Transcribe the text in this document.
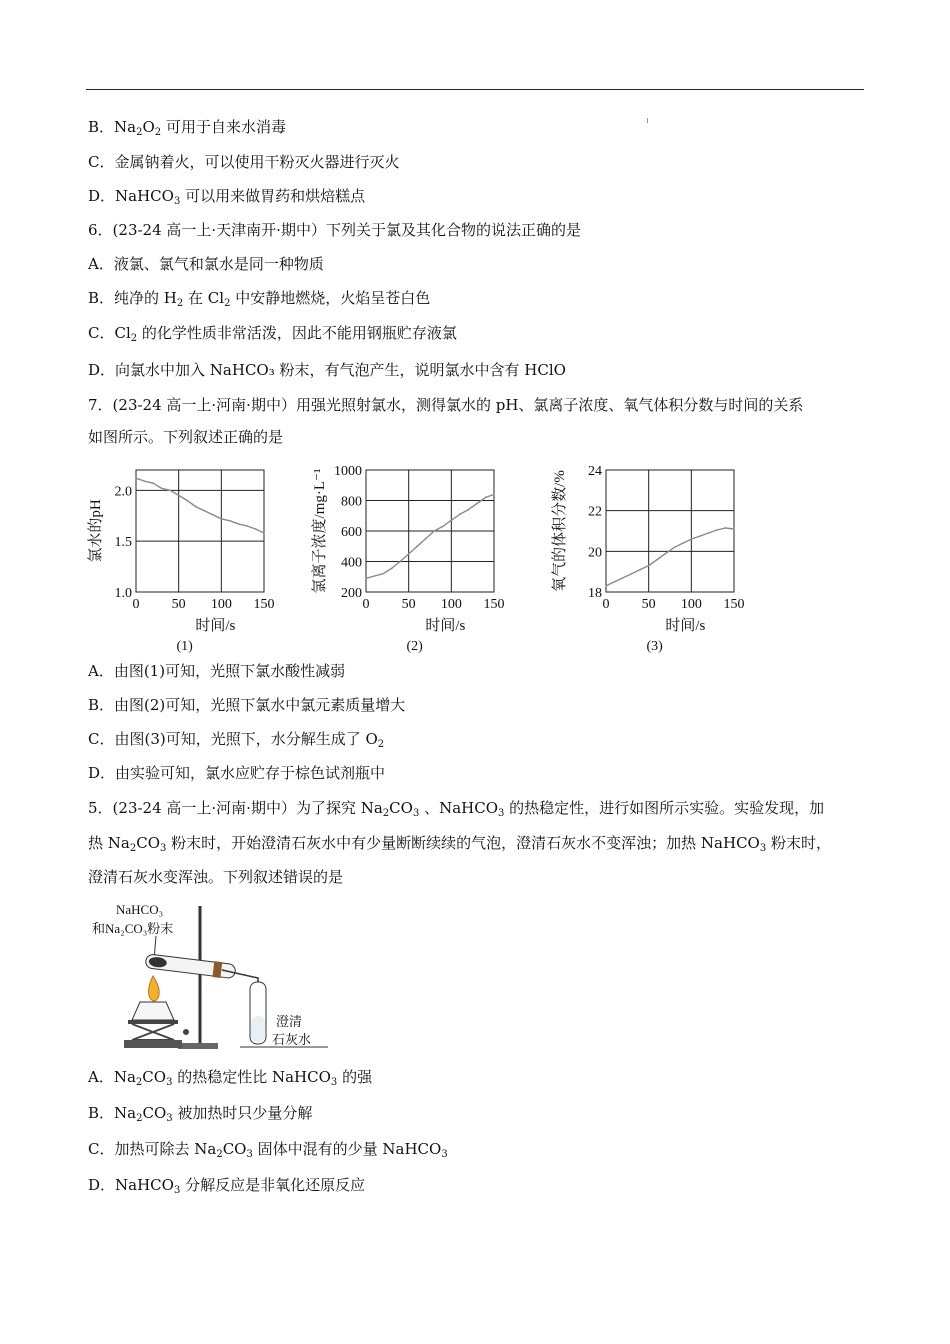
B．$Na_2O_2$ 可用于自来水消毒
C．金属钠着火，可以使用干粉灭火器进行灭火
D．NaHCO$_3$ 可以用来做胃药和烘焙糕点
6．(23-24 高一上·天津南开·期中）下列关于氯及其化合物的说法正确的是
A．液氯、氯气和氯水是同一种物质
B．纯净的 $H_2$ 在 $Cl_2$ 中安静地燃烧，火焰呈苍白色
C．$Cl_2$ 的化学性质非常活泼，因此不能用钢瓶贮存液氯
D．向氯水中加入 NaHCO₃ 粉末，有气泡产生，说明氯水中含有 HClO
7．(23-24 高一上·河南·期中）用强光照射氯水，测得氯水的 pH、氯离子浓度、氧气体积分数与时间的关系
如图所示。下列叙述正确的是
0 50 100 150
2.0
1.5
1.0
时间/s
氯水的pH
(1)
0 50 100 150
1000
800
600
400
200
时间/s
氯离子浓度/mg·L⁻¹
(2)
0 50 100 150
24
22
20
18
时间/s
氧气的体积分数/%
(3)
A．由图(1)可知，光照下氯水酸性减弱
B．由图(2)可知，光照下氯水中氯元素质量增大
C．由图(3)可知，光照下，水分解生成了 $O_2$
D．由实验可知，氯水应贮存于棕色试剂瓶中
5．(23-24 高一上·河南·期中）为了探究 $Na_2CO_3$ 、NaHCO$_3$ 的热稳定性，进行如图所示实验。实验发现，加
热 $Na_2CO_3$ 粉末时，开始澄清石灰水中有少量断断续续的气泡，澄清石灰水不变浑浊；加热 NaHCO$_3$ 粉末时，
澄清石灰水变浑浊。下列叙述错误的是
NaHCO₃
和Na₂CO₃粉末
澄清
石灰水
A．$Na_2CO_3$ 的热稳定性比 NaHCO$_3$ 的强
B．$Na_2CO_3$ 被加热时只少量分解
C．加热可除去 $Na_2CO_3$ 固体中混有的少量 NaHCO$_3$
D．NaHCO$_3$ 分解反应是非氧化还原反应
